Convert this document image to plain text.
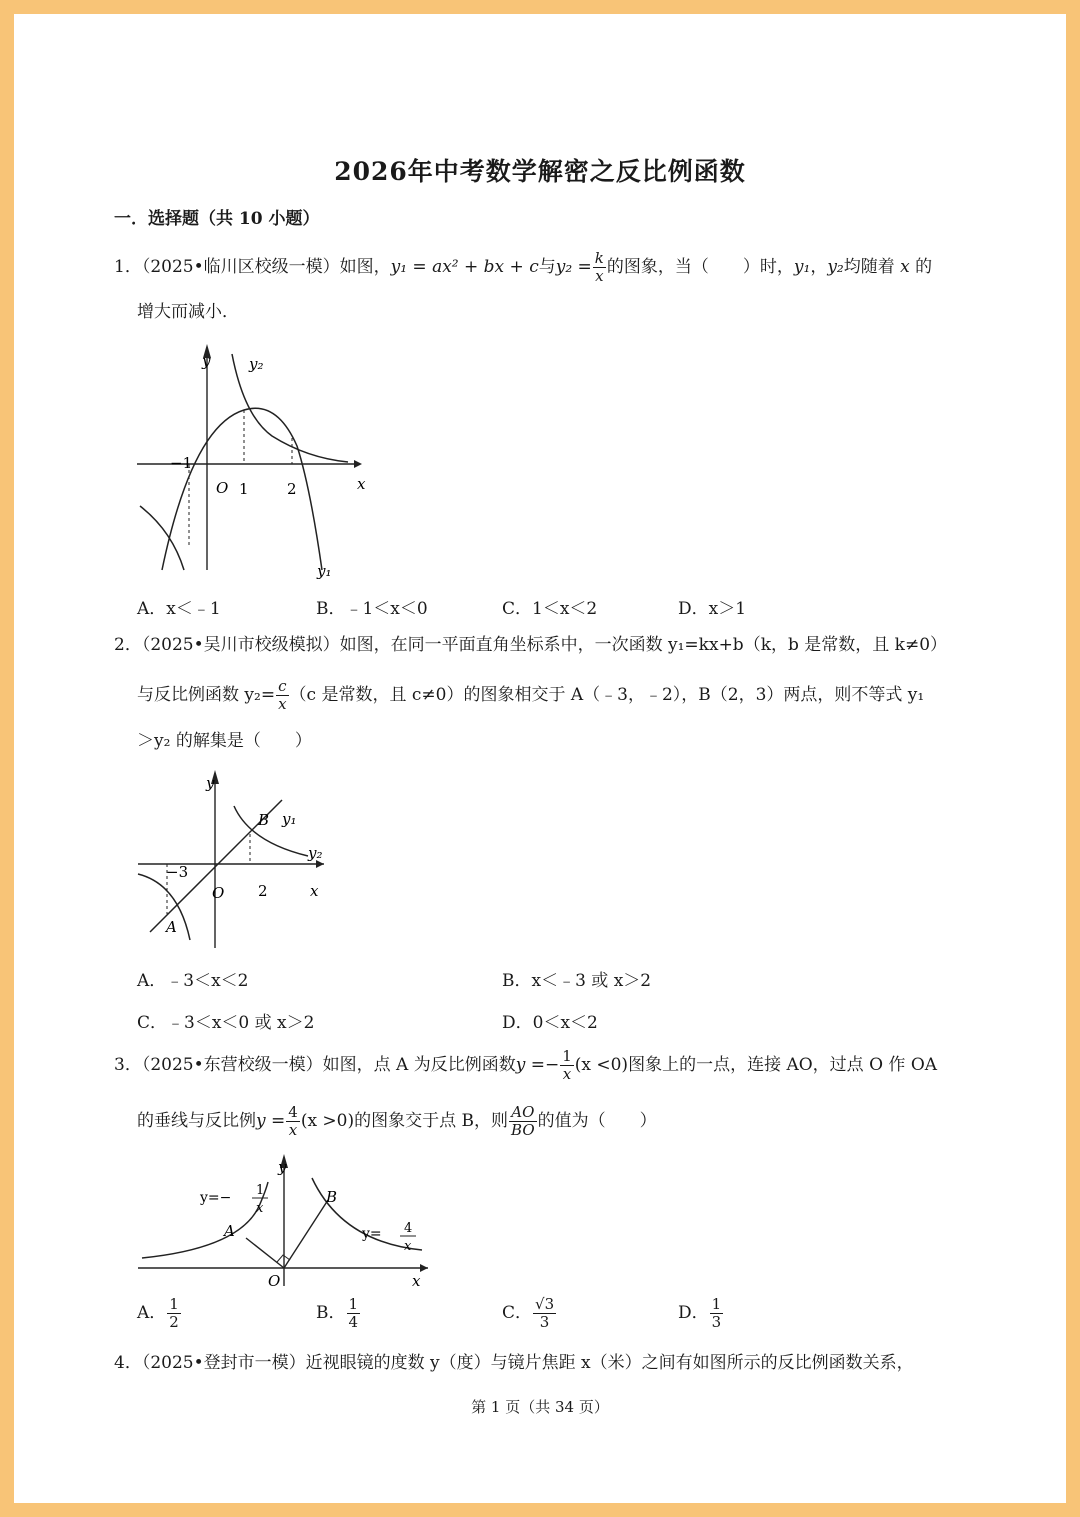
2026年中考数学解密之反比例函数
一．选择题（共 10 小题）
1．（2025•临川区校级一模）如图，y₁ = ax² + bx + c与$y_2 = \frac{k}{x}$ 的图象，当（　　）时，y₁，y₂均随着 x 的
增大而减小．
y	y₂
x
O 1	2
−1
y₁
A．x＜﹣1	B．﹣1＜x＜0	C．1＜x＜2	D．x＞1
2．（2025•吴川市校级模拟）如图，在同一平面直角坐标系中，一次函数 y₁=kx+b（k，b 是常数，且 k≠0）
与反比例函数 $y_2= \frac{c}{x} (c$ 是常数，且 c≠0）的图象相交于 A（﹣3，﹣2），B（2，3）两点，则不等式 y₁
＞y₂ 的解集是（　　）
y
x
O
B y₁
y₂
A
−3
2
A．﹣3＜x＜2	B．x＜﹣3 或 x＞2
C．﹣3＜x＜0 或 x＞2	D．0＜x＜2
3．（2025•东营校级一模）如图，点 A 为反比例函数$y =- \frac{1}{x} (x <0)$图象上的一点，连接 AO，过点 O 作 OA
的垂线与反比例$y = \frac{4}{x} (x >0)$的图象交于点 B，则 $\frac{AO}{BO}$ 的值为（　　）
y
x
O
A
B
y=− 1
x
y= 4
x
A． $\frac{1}{2}$	B． $\frac{1}{4}$	C． $\frac{√3}{3}$	D． $\frac{1}{3}$
4．（2025•登封市一模）近视眼镜的度数 y（度）与镜片焦距 x（米）之间有如图所示的反比例函数关系，
第 1 页（共 34 页）
